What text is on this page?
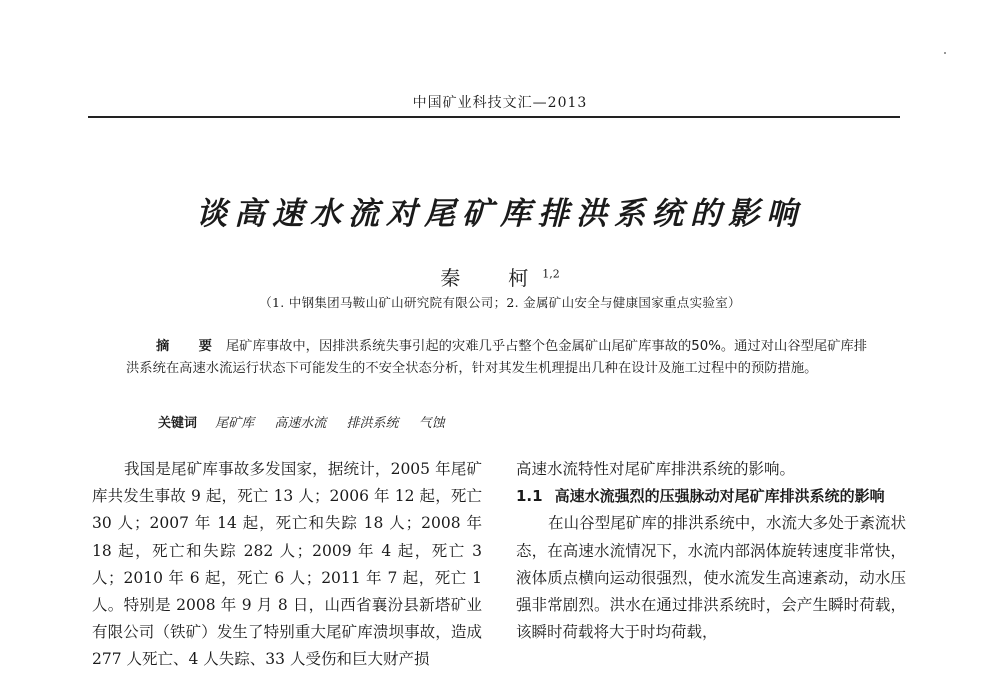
中国矿业科技文汇—2013
谈高速水流对尾矿库排洪系统的影响
秦　柯$^{1,2}$
（1. 中钢集团马鞍山矿山研究院有限公司；2. 金属矿山安全与健康国家重点实验室）
摘　要 尾矿库事故中，因排洪系统失事引起的灾难几乎占整个色金属矿山尾矿库事故的50%。通过对山谷型尾矿库排洪系统在高速水流运行状态下可能发生的不安全状态分析，针对其发生机理提出几种在设计及施工过程中的预防措施。
关键词 尾矿库 高速水流 排洪系统 气蚀

我国是尾矿库事故多发国家，据统计，2005 年尾矿库共发生事故 9 起，死亡 13 人；2006 年 12 起，死亡 30 人；2007 年 14 起，死亡和失踪 18 人；2008 年 18 起，死亡和失踪 282 人；2009 年 4 起，死亡 3 人；2010 年 6 起，死亡 6 人；2011 年 7 起，死亡 1 人。特别是 2008 年 9 月 8 日，山西省襄汾县新塔矿业有限公司（铁矿）发生了特别重大尾矿库溃坝事故，造成 277 人死亡、4 人失踪、33 人受伤和巨大财产损

高速水流特性对尾矿库排洪系统的影响。

1.1 高速水流强烈的压强脉动对尾矿库排洪系统的影响

在山谷型尾矿库的排洪系统中，水流大多处于紊流状态，在高速水流情况下，水流内部涡体旋转速度非常快，液体质点横向运动很强烈，使水流发生高速紊动，动水压强非常剧烈。洪水在通过排洪系统时，会产生瞬时荷载，该瞬时荷载将大于时均荷载，
